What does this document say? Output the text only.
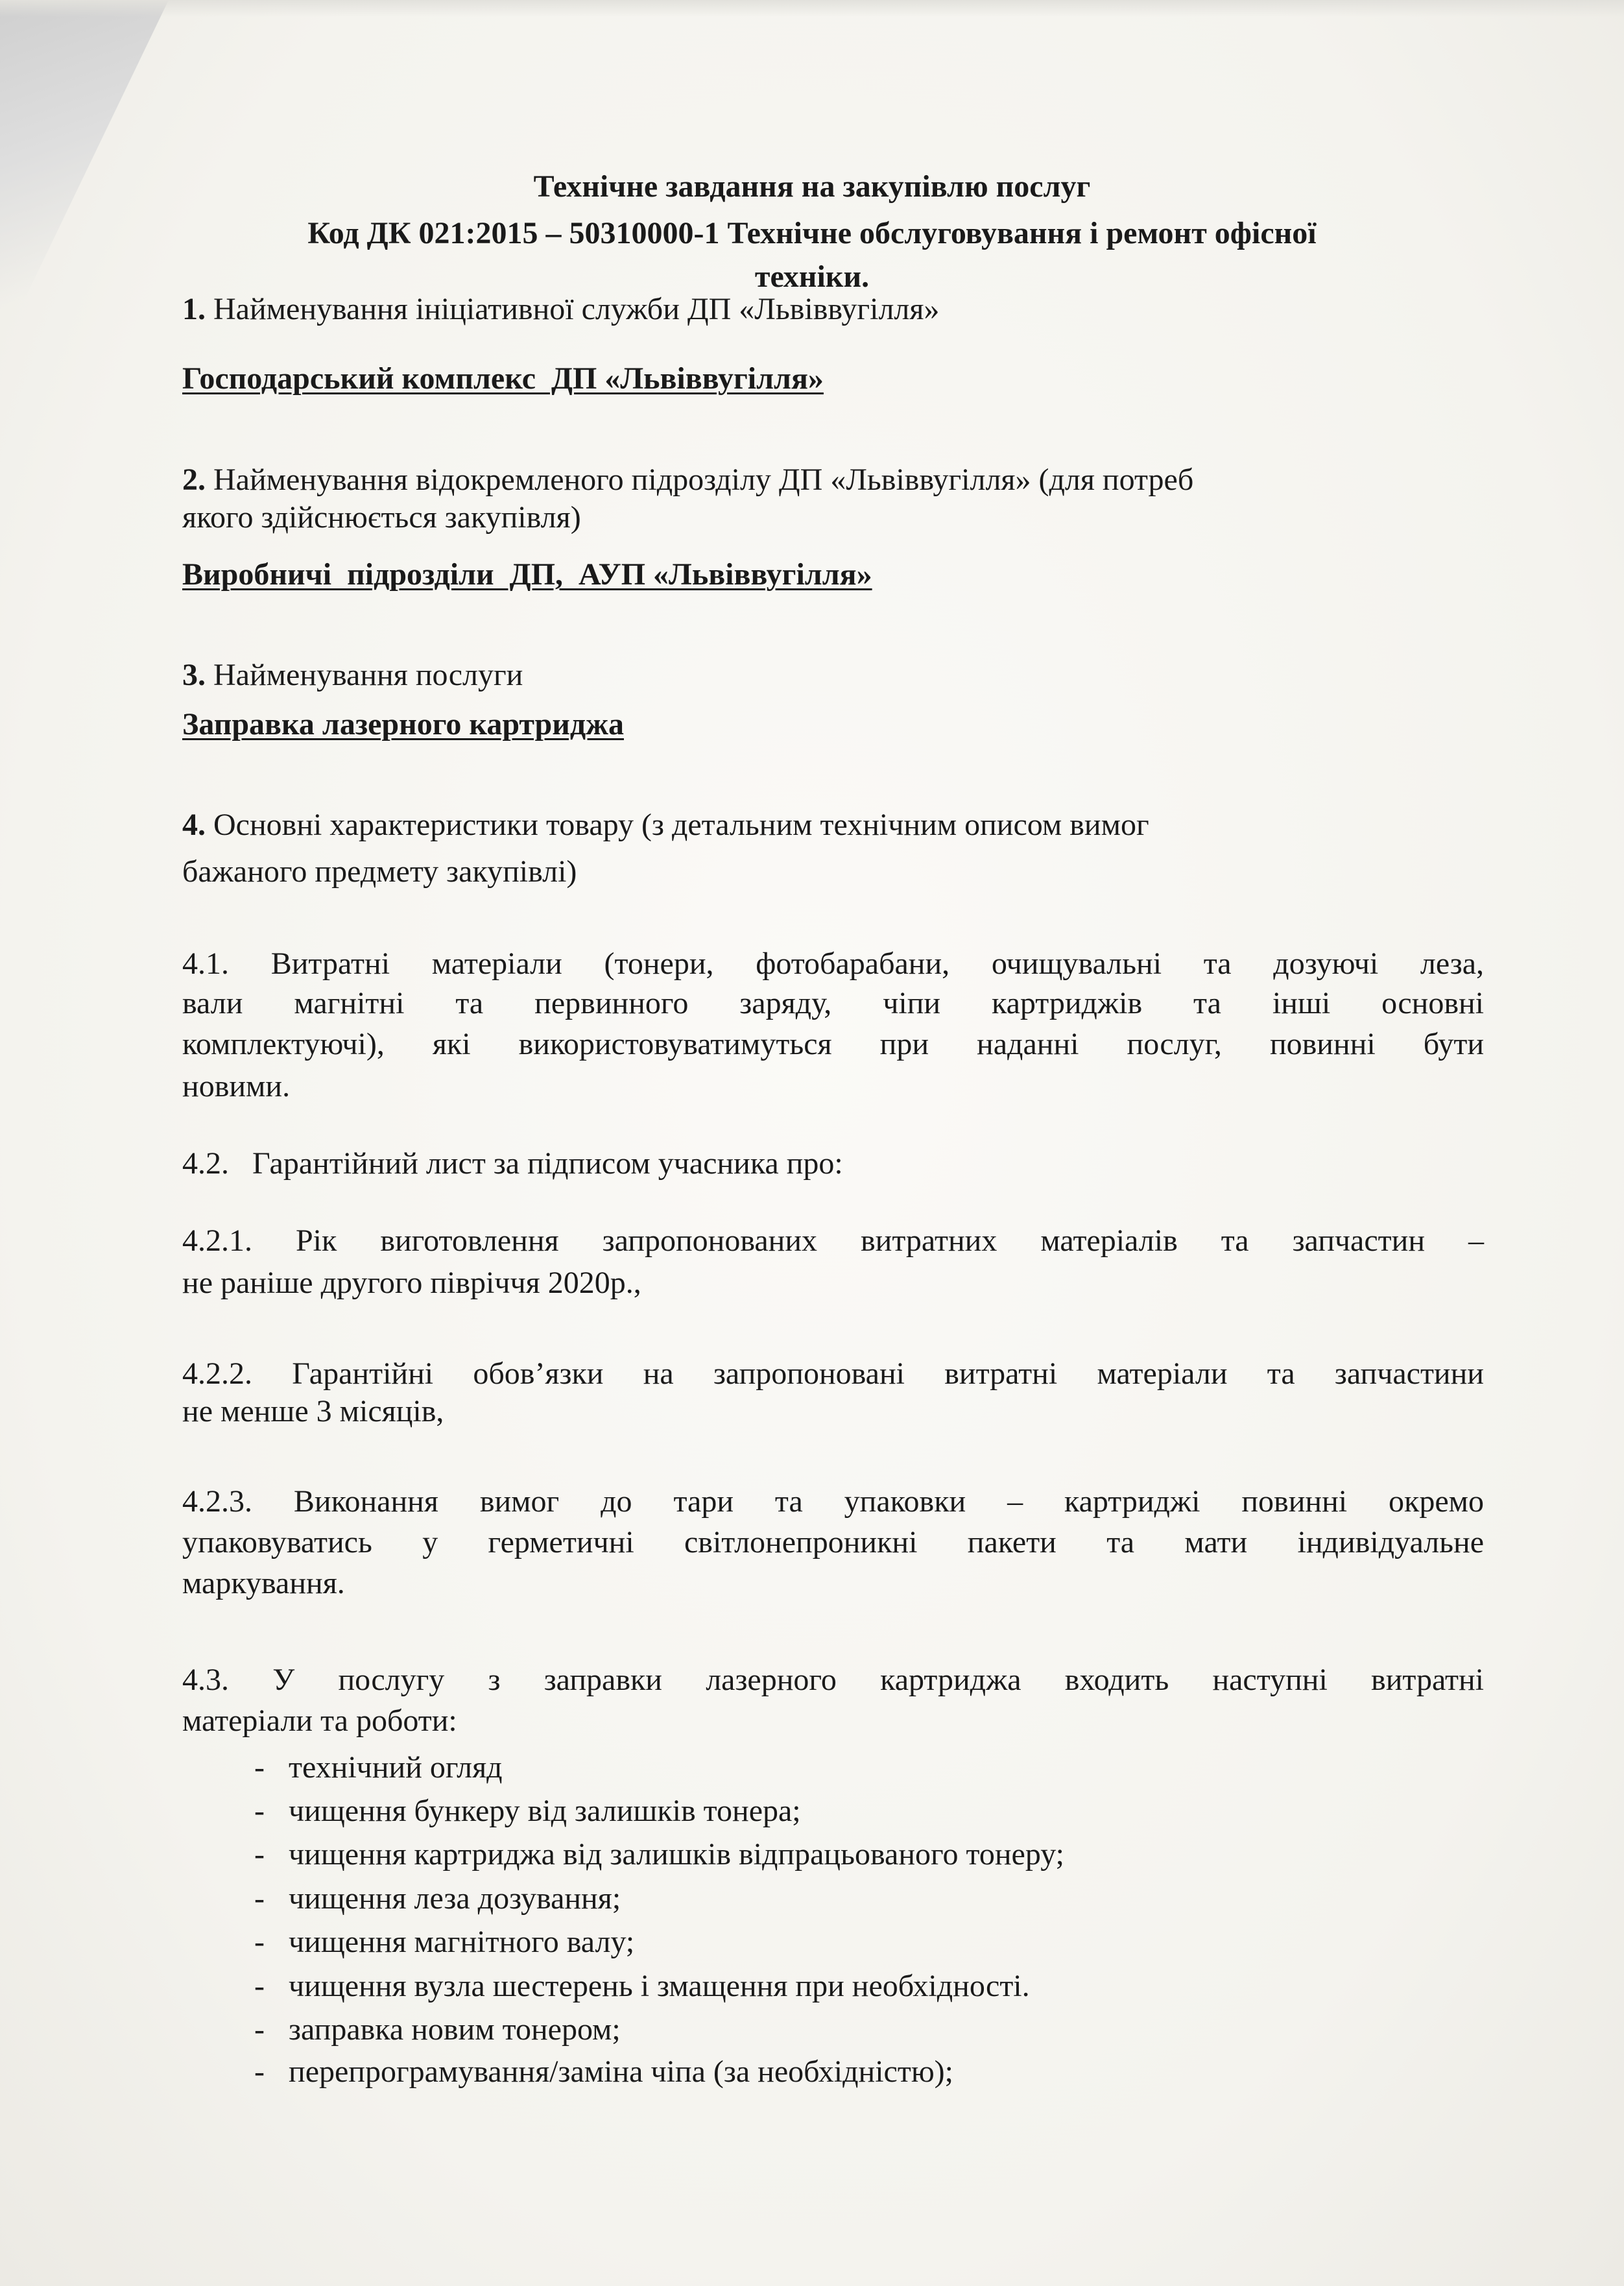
Технічне завдання на закупівлю послуг
Код ДК 021:2015 – 50310000-1 Технічне обслуговування і ремонт офісної
техніки.
1. Найменування ініціативної служби ДП «Львіввугілля»
Господарський комплекс  ДП «Львіввугілля»
2. Найменування відокремленого підрозділу ДП «Львіввугілля» (для потреб
якого здійснюється закупівля)
Виробничі  підрозділи  ДП,  АУП «Львіввугілля»
3. Найменування послуги
Заправка лазерного картриджа
4. Основні характеристики товару (з детальним технічним описом вимог
бажаного предмету закупівлі)
4.1. Витратні матеріали (тонери, фотобарабани, очищувальні та дозуючі леза,
вали магнітні та первинного заряду, чіпи картриджів та інші основні
комплектуючі), які використовуватимуться при наданні послуг, повинні бути
новими.
4.2.   Гарантійний лист за підписом учасника про:
4.2.1. Рік виготовлення запропонованих витратних матеріалів та запчастин –
не раніше другого півріччя 2020р.,
4.2.2. Гарантійні обов’язки на запропоновані витратні матеріали та запчастини
не менше 3 місяців,
4.2.3. Виконання вимог до тари та упаковки – картриджі повинні окремо
упаковуватись у герметичні світлонепроникні пакети та мати індивідуальне
маркування.
4.3. У послугу з заправки лазерного картриджа входить наступні витратні
матеріали та роботи:
- технічний огляд
- чищення бункеру від залишків тонера;
- чищення картриджа від залишків відпрацьованого тонеру;
- чищення леза дозування;
- чищення магнітного валу;
- чищення вузла шестерень і змащення при необхідності.
- заправка новим тонером;
- перепрограмування/заміна чіпа (за необхідністю);
